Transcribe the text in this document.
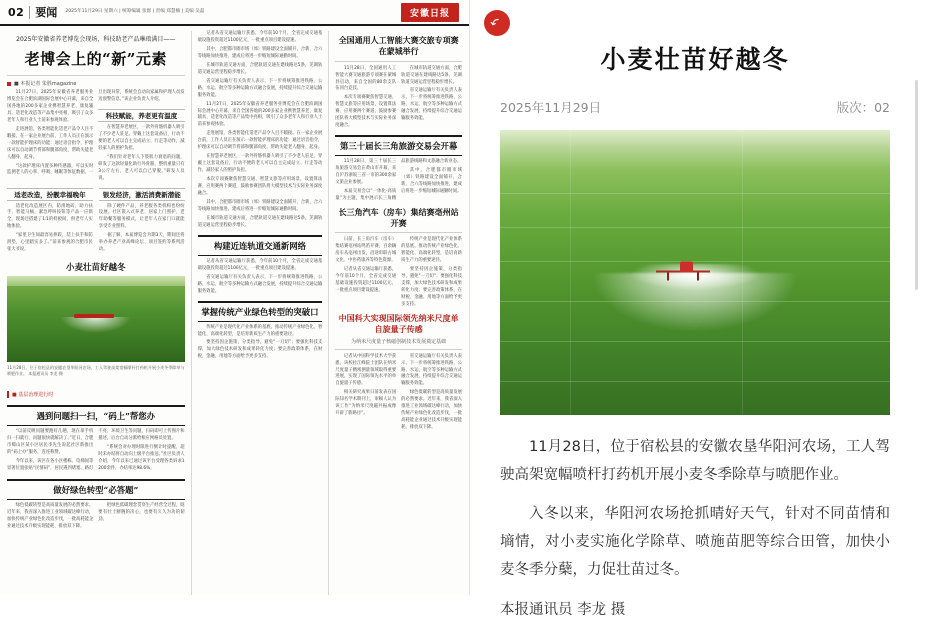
02 要闻 2025年11月29日 星期六 | 统筹编辑 张群 | 责编 郑慧楠 | 美编 吴磊	安徽日报
2025年安徽省养老博览会现场，科技助老产品琳琅满目——
老博会上的“新”元素
■ 本报记者 朱胜magazine

11月27日，2025年安徽省养老服务业博览会在合肥滨湖国际会展中心开幕，来自全国各地的200多家企业携智慧养老、康复辅具、适老化改造等产品集中亮相，吸引了众多老年人和行业人士前来参观体验。

走进展馆，各类智能化适老产品令人目不暇接。在一家企业展台前，工作人员正在演示一款智能护理床的功能：通过语音指令，护理床可以自动调节背部和腿部角度，帮助失能老人翻身、起身。

“这款护理床内置多种传感器，可以实时监测老人的心率、呼吸、睡眠等体征数据，一旦出现异常，系统会自动向家属和护理人员发送预警信息。”该企业负责人介绍。

科技赋能，养老更有温度

在智慧养老展区，一款外骨骼机器人吸引了不少老人驻足。穿戴上这套设备后，行动不便的老人可以自主完成站立、行走等动作，减轻家人的照护负担。

“我们针对老年人下肢肌力衰退的问题，研发了这款轻量化助行外骨骼，整机重量只有3公斤左右，老人可以自己穿脱。”研发人员说。

适老改造，扮靓幸福晚年

适老化改造展区内，防滑地砖、助力扶手、智能马桶、紧急呼叫按钮等产品一应俱全，现场还搭建了1∶1的样板间，供老年人实地体验。

“家里卫生间最容易摔跤，装上扶手和防滑垫，心里踏实多了。”前来参观的合肥市民张大爷说。

银发经济，激活消费新潜能

除了硬件产品，养老服务类机构也纷纷设展。社区嵌入式养老、居家上门照护、老年助餐等服务模式，让老年人在家门口就能享受专业照料。

据了解，本届博览会为期3天，期间还将举办养老产业高峰论坛、项目签约等系列活动。

小麦壮苗好越冬
11月28日，位于宿松县的安徽农垦华阳河农场，工人驾驶高架宽幅喷杆打药机开展小麦冬季除草与喷肥作业。 本报通讯员 李龙 摄
■ 基层治理进行时
遇到问题扫一扫，“码上”帮您办

“以前反映问题要跑好几趟，现在拿手机扫一扫就行，问题很快就解决了。”近日，合肥市蜀山区某小区居民李先生说起社区新推出的“码上办”服务，连连称赞。

今年以来，该区在各小区楼栋、电梯间等显著位置张贴“民情码”，居民遇到堵塞、路灯不亮、环境卫生等问题，扫码即可上传图片和描述，后台自动分派给相应网格员处置。

“系统会对办理时限进行倒计时提醒，超时未办结将自动向上级平台推送。”社区负责人介绍，今年以来已通过该平台受理各类诉求1200余件，办结率达98.6%。

做好绿色转型“必答题”

绿色低碳转型是高质量发展的必然要求。近年来，我省深入推进工业领域碳达峰行动，加快传统产业绿色化改造步伐，一批高耗能企业通过技术升级实现能耗、排放双下降。

把绿色低碳理念贯穿生产经营全过程，既要有壮士断腕的决心，也要有久久为功的韧劲。

记者从省交通运输厅获悉，今年前10个月，全省完成交通基础设施投资超过1100亿元，一批重点项目建设提速。

其中，合肥都市圈市域（郊）铁路建设全面铺开，合新、合六等线路加快推进，建成后将进一步缩短城际通勤时间。

在城市轨道交通方面，合肥轨道交通在建线路达5条，芜湖轨道交通运营里程稳步增长。

省交通运输厅有关负责人表示，下一步将统筹推进铁路、公路、水运、航空等多种运输方式融合发展，持续提升综合交通运输服务效能。

11月27日，2025年安徽省养老服务业博览会在合肥滨湖国际会展中心开幕，来自全国各地的200多家企业携智慧养老、康复辅具、适老化改造等产品集中亮相，吸引了众多老年人和行业人士前来参观体验。

走进展馆，各类智能化适老产品令人目不暇接。在一家企业展台前，工作人员正在演示一款智能护理床的功能：通过语音指令，护理床可以自动调节背部和腿部角度，帮助失能老人翻身、起身。

在智慧养老展区，一款外骨骼机器人吸引了不少老人驻足。穿戴上这套设备后，行动不便的老人可以自主完成站立、行走等动作，减轻家人的照护负担。

本次专项赛聚焦智慧交通、智慧文旅等应用场景，设置算法赛、应用赛两个赛道，鼓励参赛团队将大模型技术与实际业务深度融合。

其中，合肥都市圈市域（郊）铁路建设全面铺开，合新、合六等线路加快推进，建成后将进一步缩短城际通勤时间。

在城市轨道交通方面，合肥轨道交通在建线路达5条，芜湖轨道交通运营里程稳步增长。

构建近连轨道交通新网络

记者从省交通运输厅获悉，今年前10个月，全省完成交通基础设施投资超过1100亿元，一批重点项目建设提速。

省交通运输厅有关负责人表示，下一步将统筹推进铁路、公路、水运、航空等多种运输方式融合发展，持续提升综合交通运输服务效能。

掌握传统产业绿色转型的突破口

传统产业是现代化产业体系的基底。推动传统产业绿色化、智能化、高端化转型，是培育新质生产力的重要途径。

要坚持因企施策，分类指导，避免“一刀切”；要强化科技支撑，加大绿色技术研发和成果转化力度；要完善政策体系，在财税、金融、用地等方面给予更多支持。

全国通用人工智能大赛交旅专项赛在蒙城举行

11月28日，全国通用人工智能大赛交通旅游专项赛在蒙城县启动，来自全国的80余支队伍同台竞技。

本次专项赛聚焦智慧交通、智慧文旅等应用场景，设置算法赛、应用赛两个赛道，鼓励参赛团队将大模型技术与实际业务深度融合。

在城市轨道交通方面，合肥轨道交通在建线路达5条，芜湖轨道交通运营里程稳步增长。

省交通运输厅有关负责人表示，下一步将统筹推进铁路、公路、水运、航空等多种运输方式融合发展，持续提升综合交通运输服务效能。

第三十届长三角旅游交易会开幕

11月28日，第三十届长三角旅游交易会在黄山市开幕，来自沪苏浙皖三省一市的300余家文旅企业参展。

本届交易会以“一体化·高质量”为主题，集中展示长三角精品旅游线路和文旅融合新业态。

其中，合肥都市圈市域（郊）铁路建设全面铺开，合新、合六等线路加快推进，建成后将进一步缩短城际通勤时间。

长三角汽车（房车）集结赛亳州站开赛

日前，长三角汽车（房车）集结赛亳州站鸣笛开赛，百余辆房车从亳州出发，沿途串联古城文化、中医药康养等特色资源。

记者从省交通运输厅获悉，今年前10个月，全省完成交通基础设施投资超过1100亿元，一批重点项目建设提速。

传统产业是现代化产业体系的基底。推动传统产业绿色化、智能化、高端化转型，是培育新质生产力的重要途径。

要坚持因企施策，分类指导，避免“一刀切”；要强化科技支撑，加大绿色技术研发和成果转化力度；要完善政策体系，在财税、金融、用地等方面给予更多支持。

中国科大实现国际领先纳米尺度单自旋量子传感
为纳米尺度量子核磁创制技术发展奠定基础

记者从中国科学技术大学获悉，该校杜江峰院士团队在纳米尺度量子精密测量领域取得重要进展，实现了国际领先水平的单自旋量子传感。

相关研究成果日前发表在国际知名学术期刊上，审稿人认为该工作“为纳米尺度磁共振成像开辟了新路径”。

省交通运输厅有关负责人表示，下一步将统筹推进铁路、公路、水运、航空等多种运输方式融合发展，持续提升综合交通运输服务效能。

绿色低碳转型是高质量发展的必然要求。近年来，我省深入推进工业领域碳达峰行动，加快传统产业绿色化改造步伐，一批高耗能企业通过技术升级实现能耗、排放双下降。

小麦壮苗好越冬
2025年11月29日	版次：02

11月28日，位于宿松县的安徽农垦华阳河农场，工人驾驶高架宽幅喷杆打药机开展小麦冬季除草与喷肥作业。

入冬以来，华阳河农场抢抓晴好天气，针对不同苗情和墒情，对小麦实施化学除草、喷施苗肥等综合田管，加快小麦冬季分蘖，力促壮苗过冬。

本报通讯员 李龙 摄
